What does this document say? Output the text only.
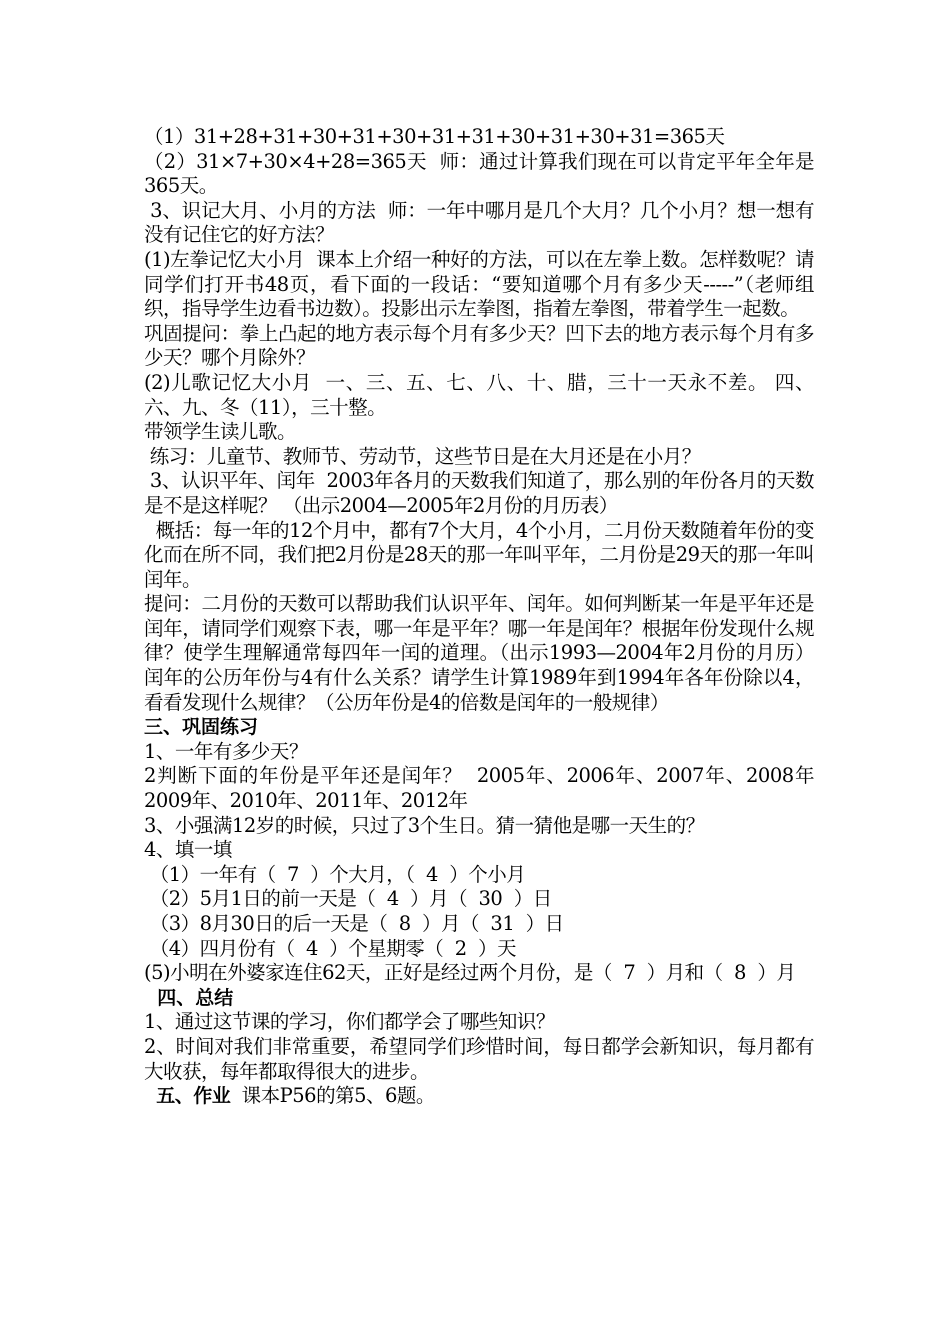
（1）31+28+31+30+31+30+31+31+30+31+30+31=365天

（2）31×7+30×4+28=365天  师：通过计算我们现在可以肯定平年全年是365天。

3、识记大月、小月的方法  师：一年中哪月是几个大月？几个小月？想一想有没有记住它的好方法？

(1)左拳记忆大小月  课本上介绍一种好的方法，可以在左拳上数。怎样数呢？请同学们打开书48页，看下面的一段话：“要知道哪个月有多少天-----”（老师组织，指导学生边看书边数）。投影出示左拳图，指着左拳图，带着学生一起数。

巩固提问：拳上凸起的地方表示每个月有多少天？凹下去的地方表示每个月有多少天？哪个月除外？

(2)儿歌记忆大小月  一、三、五、七、八、十、腊，三十一天永不差。 四、六、九、冬（11），三十整。

带领学生读儿歌。

练习：儿童节、教师节、劳动节，这些节日是在大月还是在小月？

3、认识平年、闰年  2003年各月的天数我们知道了，那么别的年份各月的天数是不是这样呢？ （出示2004—2005年2月份的月历表）

概括：每一年的12个月中，都有7个大月，4个小月，二月份天数随着年份的变化而在所不同，我们把2月份是28天的那一年叫平年，二月份是29天的那一年叫闰年。

提问：二月份的天数可以帮助我们认识平年、闰年。如何判断某一年是平年还是闰年，请同学们观察下表，哪一年是平年？哪一年是闰年？根据年份发现什么规律？使学生理解通常每四年一闰的道理。（出示1993—2004年2月份的月历）  闰年的公历年份与4有什么关系？请学生计算1989年到1994年各年份除以4，看看发现什么规律？（公历年份是4的倍数是闰年的一般规律）

三、巩固练习

1、一年有多少天？

2判断下面的年份是平年还是闰年？  2005年、2006年、2007年、2008年  2009年、2010年、2011年、2012年

3、小强满12岁的时候，只过了3个生日。猜一猜他是哪一天生的？

4、填一填

（1）一年有（  7  ）个大月，（  4  ）个小月

（2）5月1日的前一天是（  4  ）月（  30  ）日

（3）8月30日的后一天是（  8  ）月（  31  ）日

（4）四月份有（  4  ）个星期零（  2  ）天

(5)小明在外婆家连住62天，正好是经过两个月份，是（  7  ）月和（  8  ）月

四、总结

1、通过这节课的学习，你们都学会了哪些知识？

2、时间对我们非常重要，希望同学们珍惜时间，每日都学会新知识，每月都有大收获，每年都取得很大的进步。

五、作业  课本P56的第5、6题。
